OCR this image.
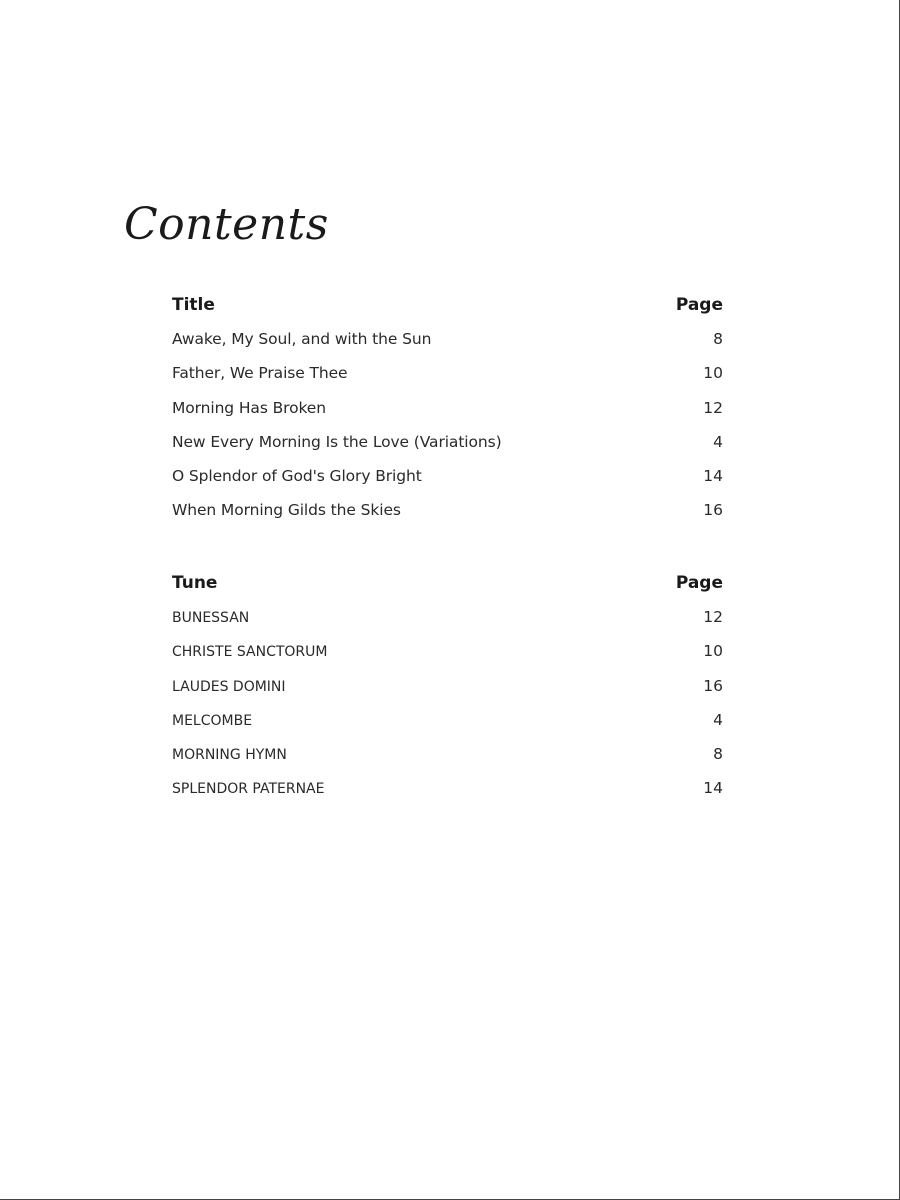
Contents
Title	Page
Awake, My Soul, and with the Sun	8
Father, We Praise Thee	10
Morning Has Broken	12
New Every Morning Is the Love (Variations)	4
O Splendor of God's Glory Bright	14
When Morning Gilds the Skies	16
Tune	Page
BUNESSAN	12
CHRISTE SANCTORUM	10
LAUDES DOMINI	16
MELCOMBE	4
MORNING HYMN	8
SPLENDOR PATERNAE	14
